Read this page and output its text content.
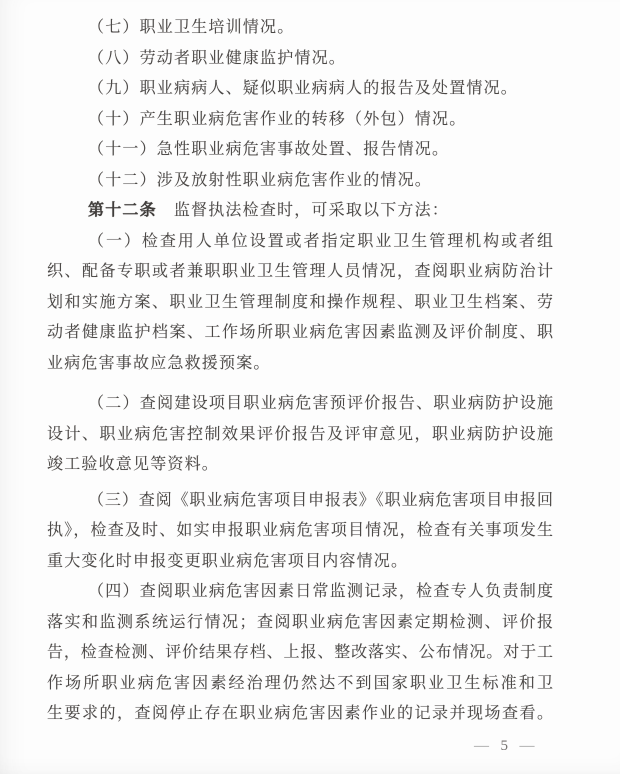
（七）职业卫生培训情况。
（八）劳动者职业健康监护情况。
（九）职业病病人、疑似职业病病人的报告及处置情况。
（十）产生职业病危害作业的转移（外包）情况。
（十一）急性职业病危害事故处置、报告情况。
（十二）涉及放射性职业病危害作业的情况。
第十二条 监督执法检查时，可采取以下方法：
（一）检查用人单位设置或者指定职业卫生管理机构或者组
织、配备专职或者兼职职业卫生管理人员情况，查阅职业病防治计
划和实施方案、职业卫生管理制度和操作规程、职业卫生档案、劳
动者健康监护档案、工作场所职业病危害因素监测及评价制度、职
业病危害事故应急救援预案。
（二）查阅建设项目职业病危害预评价报告、职业病防护设施
设计、职业病危害控制效果评价报告及评审意见，职业病防护设施
竣工验收意见等资料。
（三）查阅《职业病危害项目申报表》《职业病危害项目申报回
执》，检查及时、如实申报职业病危害项目情况，检查有关事项发生
重大变化时申报变更职业病危害项目内容情况。
（四）查阅职业病危害因素日常监测记录，检查专人负责制度
落实和监测系统运行情况；查阅职业病危害因素定期检测、评价报
告，检查检测、评价结果存档、上报、整改落实、公布情况。对于工
作场所职业病危害因素经治理仍然达不到国家职业卫生标准和卫
生要求的，查阅停止存在职业病危害因素作业的记录并现场查看。
— 5 —
